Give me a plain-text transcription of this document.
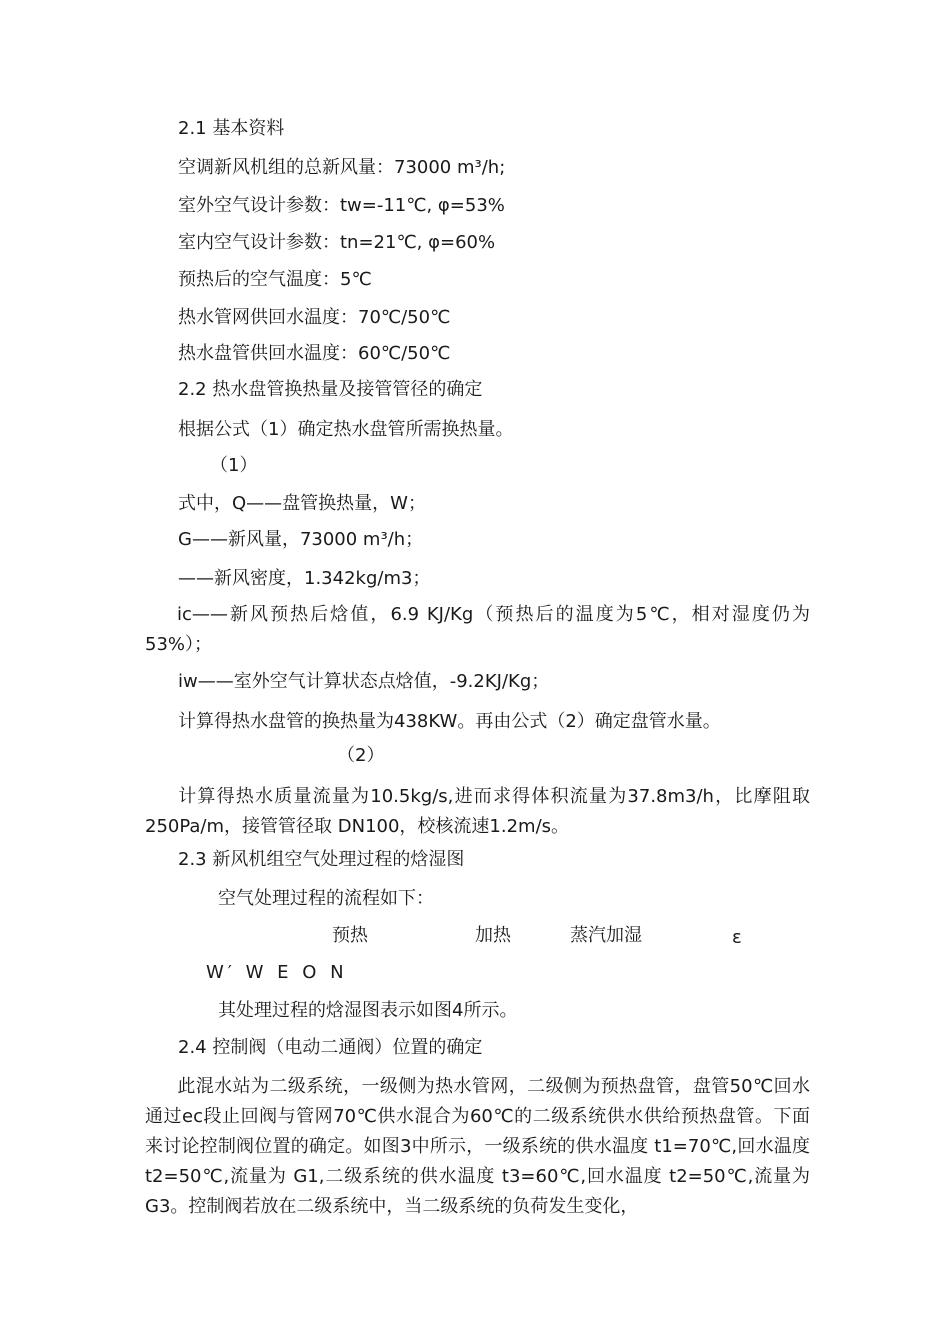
2.1 基本资料
空调新风机组的总新风量：73000 m³/h;
室外空气设计参数：tw=-11℃, φ=53%
室内空气设计参数：tn=21℃, φ=60%
预热后的空气温度：5℃
热水管网供回水温度：70℃/50℃
热水盘管供回水温度：60℃/50℃
2.2 热水盘管换热量及接管管径的确定
根据公式（1）确定热水盘管所需换热量。
（1）
式中，Q——盘管换热量，W；
G——新风量，73000 m³/h；
——新风密度，1.342kg/m3；
ic——新风预热后焓值，6.9 KJ/Kg（预热后的温度为5℃，相对湿度仍为53%）；
iw——室外空气计算状态点焓值，-9.2KJ/Kg；
计算得热水盘管的换热量为438KW。再由公式（2）确定盘管水量。
（2）
计算得热水质量流量为10.5kg/s,进而求得体积流量为37.8m3/h，比摩阻取250Pa/m，接管管径取 DN100，校核流速1.2m/s。
2.3 新风机组空气处理过程的焓湿图
空气处理过程的流程如下：
预热	加热	蒸汽加湿	ε
W′ W E O N
其处理过程的焓湿图表示如图4所示。
2.4 控制阀（电动二通阀）位置的确定
此混水站为二级系统，一级侧为热水管网，二级侧为预热盘管，盘管50℃回水通过ec段止回阀与管网70℃供水混合为60℃的二级系统供水供给预热盘管。下面来讨论控制阀位置的确定。如图3中所示，一级系统的供水温度 t1=70℃,回水温度 t2=50℃,流量为 G1,二级系统的供水温度 t3=60℃,回水温度 t2=50℃,流量为G3。控制阀若放在二级系统中，当二级系统的负荷发生变化，
